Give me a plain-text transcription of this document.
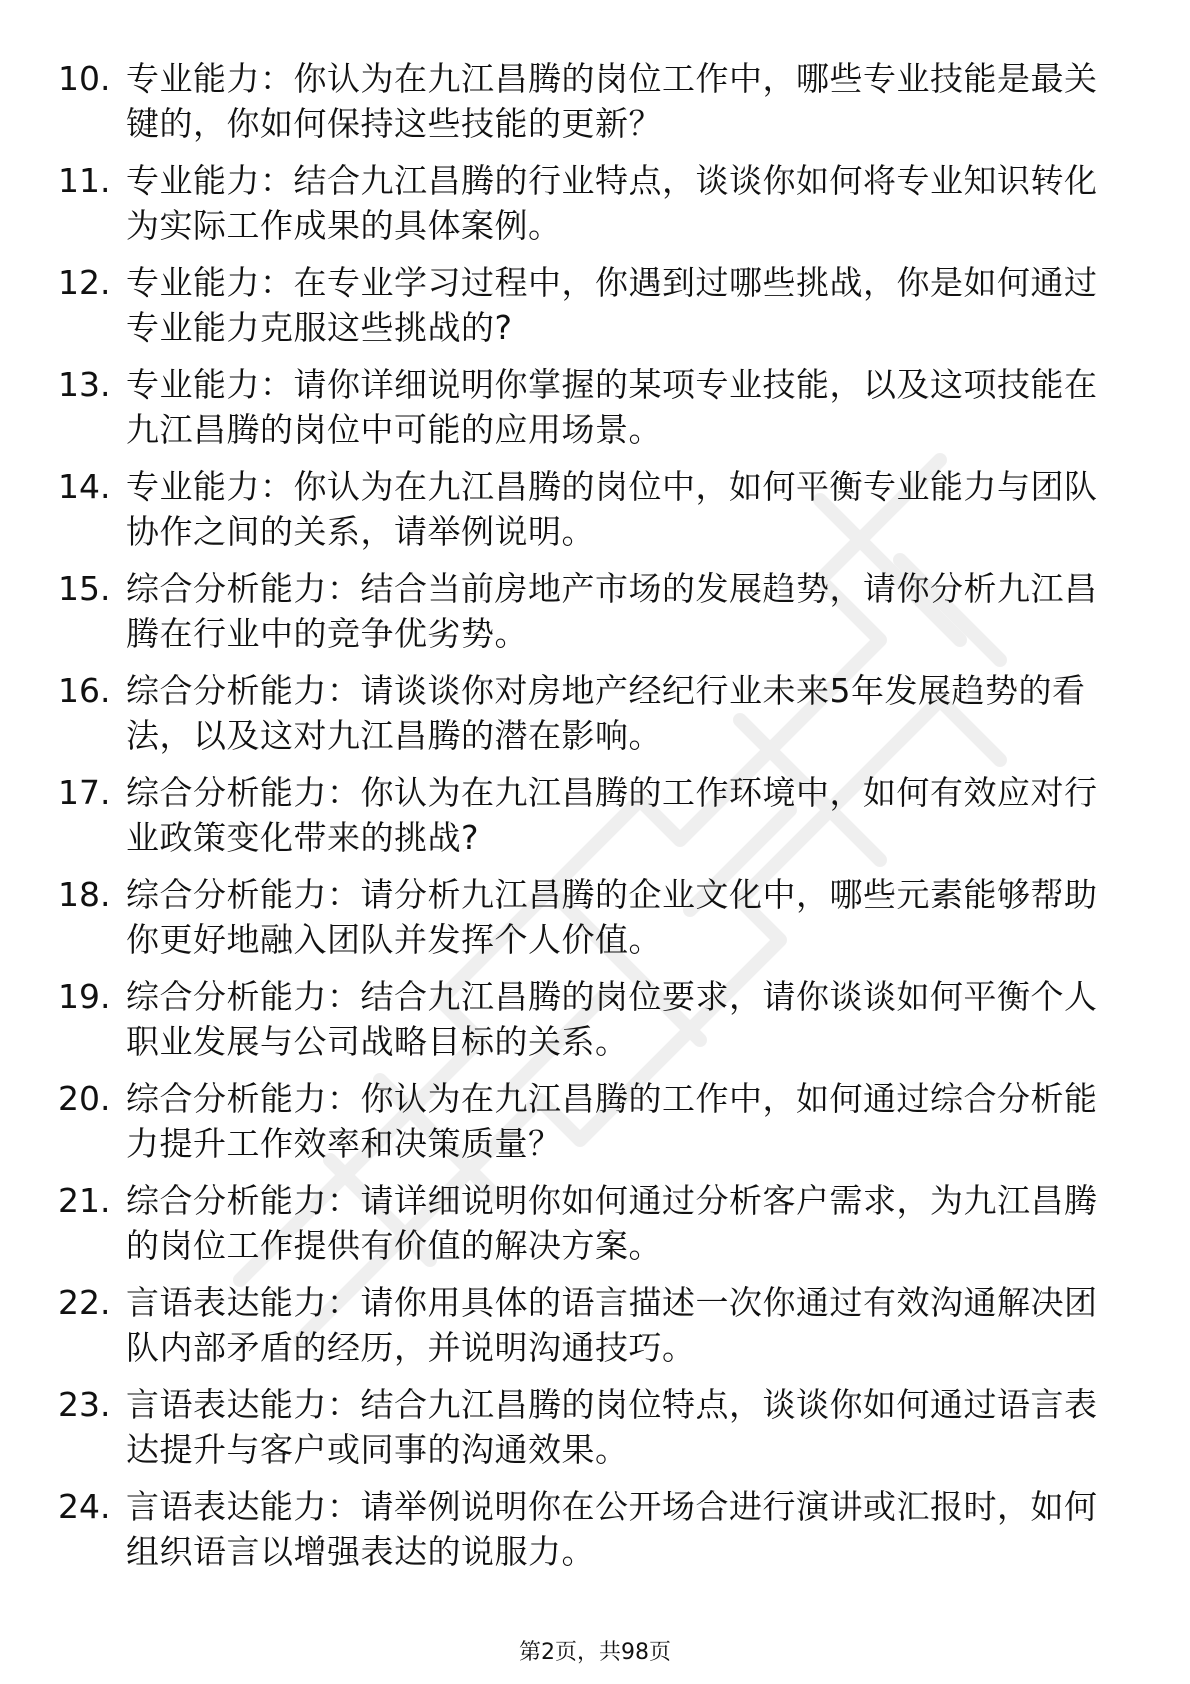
10. 专业能力：你认为在九江昌腾的岗位工作中，哪些专业技能是最关键的，你如何保持这些技能的更新？
11. 专业能力：结合九江昌腾的行业特点，谈谈你如何将专业知识转化为实际工作成果的具体案例。
12. 专业能力：在专业学习过程中，你遇到过哪些挑战，你是如何通过专业能力克服这些挑战的?
13. 专业能力：请你详细说明你掌握的某项专业技能，以及这项技能在九江昌腾的岗位中可能的应用场景。
14. 专业能力：你认为在九江昌腾的岗位中，如何平衡专业能力与团队协作之间的关系，请举例说明。
15. 综合分析能力：结合当前房地产市场的发展趋势，请你分析九江昌腾在行业中的竞争优劣势。
16. 综合分析能力：请谈谈你对房地产经纪行业未来5年发展趋势的看法，以及这对九江昌腾的潜在影响。
17. 综合分析能力：你认为在九江昌腾的工作环境中，如何有效应对行业政策变化带来的挑战?
18. 综合分析能力：请分析九江昌腾的企业文化中，哪些元素能够帮助你更好地融入团队并发挥个人价值。
19. 综合分析能力：结合九江昌腾的岗位要求，请你谈谈如何平衡个人职业发展与公司战略目标的关系。
20. 综合分析能力：你认为在九江昌腾的工作中，如何通过综合分析能力提升工作效率和决策质量？
21. 综合分析能力：请详细说明你如何通过分析客户需求，为九江昌腾的岗位工作提供有价值的解决方案。
22. 言语表达能力：请你用具体的语言描述一次你通过有效沟通解决团队内部矛盾的经历，并说明沟通技巧。
23. 言语表达能力：结合九江昌腾的岗位特点，谈谈你如何通过语言表达提升与客户或同事的沟通效果。
24. 言语表达能力：请举例说明你在公开场合进行演讲或汇报时，如何组织语言以增强表达的说服力。
第2页，共98页
